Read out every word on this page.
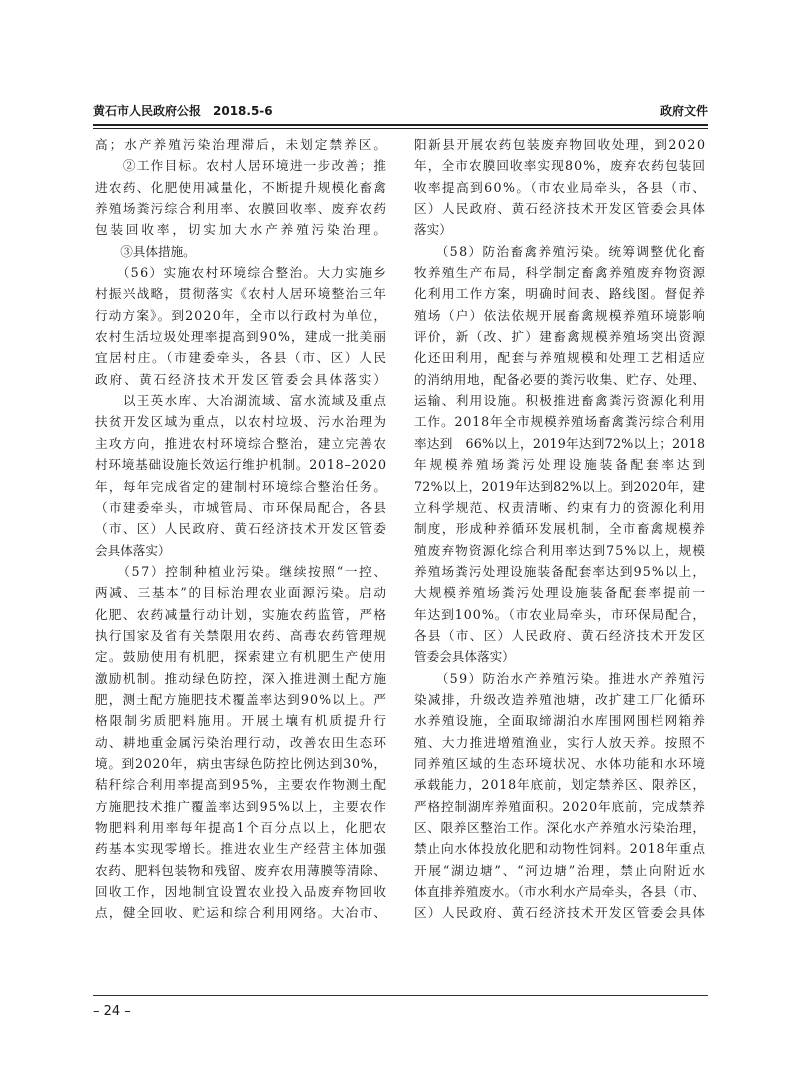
黄石市人民政府公报　2018.5-6	政府文件
高；水产养殖污染治理滞后，未划定禁养区。
　　②工作目标。农村人居环境进一步改善；推
进农药、化肥使用减量化，不断提升规模化畜禽
养殖场粪污综合利用率、农膜回收率、废弃农药
包装回收率，切实加大水产养殖污染治理。
　　③具体措施。
　　（56）实施农村环境综合整治。大力实施乡
村振兴战略，贯彻落实《农村人居环境整治三年
行动方案》。到2020年，全市以行政村为单位，
农村生活垃圾处理率提高到90%，建成一批美丽
宜居村庄。（市建委牵头，各县（市、区）人民
政府、黄石经济技术开发区管委会具体落实）
　　以王英水库、大冶湖流域、富水流域及重点
扶贫开发区域为重点，以农村垃圾、污水治理为
主攻方向，推进农村环境综合整治，建立完善农
村环境基础设施长效运行维护机制。2018–2020
年，每年完成省定的建制村环境综合整治任务。
（市建委牵头，市城管局、市环保局配合，各县
（市、区）人民政府、黄石经济技术开发区管委
会具体落实）
　　（57）控制种植业污染。继续按照“一控、
两减、三基本”的目标治理农业面源污染。启动
化肥、农药减量行动计划，实施农药监管，严格
执行国家及省有关禁限用农药、高毒农药管理规
定。鼓励使用有机肥，探索建立有机肥生产使用
激励机制。推动绿色防控，深入推进测土配方施
肥，测土配方施肥技术覆盖率达到90%以上。严
格限制劣质肥料施用。开展土壤有机质提升行
动、耕地重金属污染治理行动，改善农田生态环
境。到2020年，病虫害绿色防控比例达到30%，
秸秆综合利用率提高到95%，主要农作物测土配
方施肥技术推广覆盖率达到95%以上，主要农作
物肥料利用率每年提高1个百分点以上，化肥农
药基本实现零增长。推进农业生产经营主体加强
农药、肥料包装物和残留、废弃农用薄膜等清除、
回收工作，因地制宜设置农业投入品废弃物回收
点，健全回收、贮运和综合利用网络。大冶市、
阳新县开展农药包装废弃物回收处理，到2020
年，全市农膜回收率实现80%，废弃农药包装回
收率提高到60%。（市农业局牵头，各县（市、
区）人民政府、黄石经济技术开发区管委会具体
落实）
　　（58）防治畜禽养殖污染。统筹调整优化畜
牧养殖生产布局，科学制定畜禽养殖废弃物资源
化利用工作方案，明确时间表、路线图。督促养
殖场（户）依法依规开展畜禽规模养殖环境影响
评价，新（改、扩）建畜禽规模养殖场突出资源
化还田利用，配套与养殖规模和处理工艺相适应
的消纳用地，配备必要的粪污收集、贮存、处理、
运输、利用设施。积极推进畜禽粪污资源化利用
工作。2018年全市规模养殖场畜禽粪污综合利用
率达到　66%以上，2019年达到72%以上；2018
年规模养殖场粪污处理设施装备配套率达到
72%以上，2019年达到82%以上。到2020年，建
立科学规范、权责清晰、约束有力的资源化利用
制度，形成种养循环发展机制，全市畜禽规模养
殖废弃物资源化综合利用率达到75%以上，规模
养殖场粪污处理设施装备配套率达到95%以上，
大规模养殖场粪污处理设施装备配套率提前一
年达到100%。（市农业局牵头，市环保局配合，
各县（市、区）人民政府、黄石经济技术开发区
管委会具体落实）
　　（59）防治水产养殖污染。推进水产养殖污
染减排，升级改造养殖池塘，改扩建工厂化循环
水养殖设施，全面取缔湖泊水库围网围栏网箱养
殖、大力推进增殖渔业，实行人放天养。按照不
同养殖区域的生态环境状况、水体功能和水环境
承载能力，2018年底前，划定禁养区、限养区，
严格控制湖库养殖面积。2020年底前，完成禁养
区、限养区整治工作。深化水产养殖水污染治理，
禁止向水体投放化肥和动物性饲料。2018年重点
开展“湖边塘”、“河边塘”治理，禁止向附近水
体直排养殖废水。（市水利水产局牵头，各县（市、
区）人民政府、黄石经济技术开发区管委会具体
– 24 –
